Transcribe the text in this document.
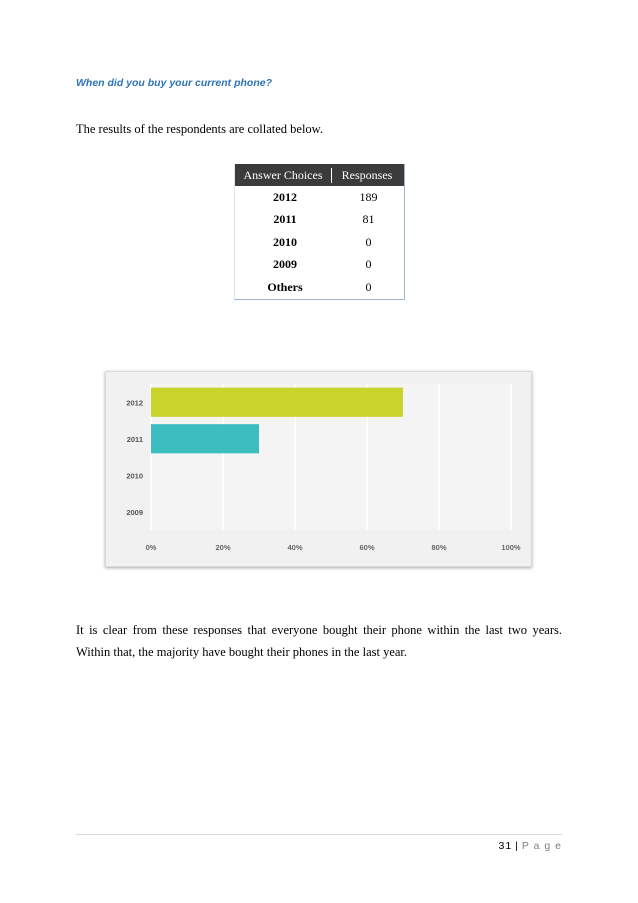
When did you buy your current phone?
The results of the respondents are collated below.
Answer Choices	Responses
2012	189
2011	81
2010	0
2009	0
Others	0
0%	20%	40%	60%	80%	100%
2012
2011
2010
2009
It is clear from these responses that everyone bought their phone within the last two years. Within that, the majority have bought their phones in the last year.
31 | P a g e
